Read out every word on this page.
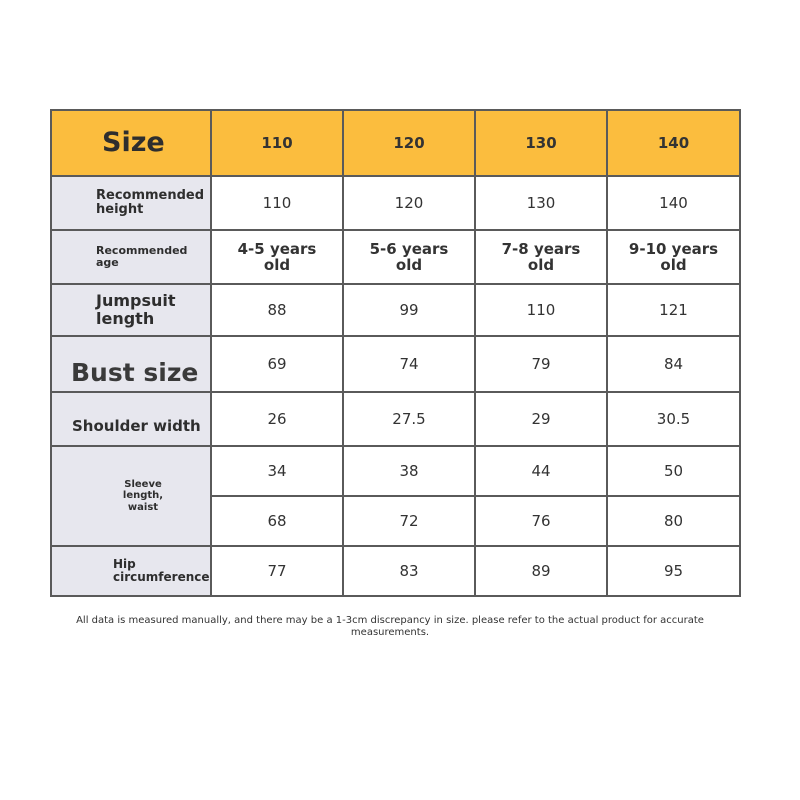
Size	110	120	130	140
Recommended height	110	120	130	140
Recommended age	4-5 years old	5-6 years old	7-8 years old	9-10 years old
Jumpsuit length	88	99	110	121
Bust size	69	74	79	84
Shoulder width	26	27.5	29	30.5
Sleeve length, waist	34	38	44	50
	68	72	76	80
Hip circumference	77	83	89	95
All data is measured manually, and there may be a 1-3cm discrepancy in size. please refer to the actual product for accurate measurements.
